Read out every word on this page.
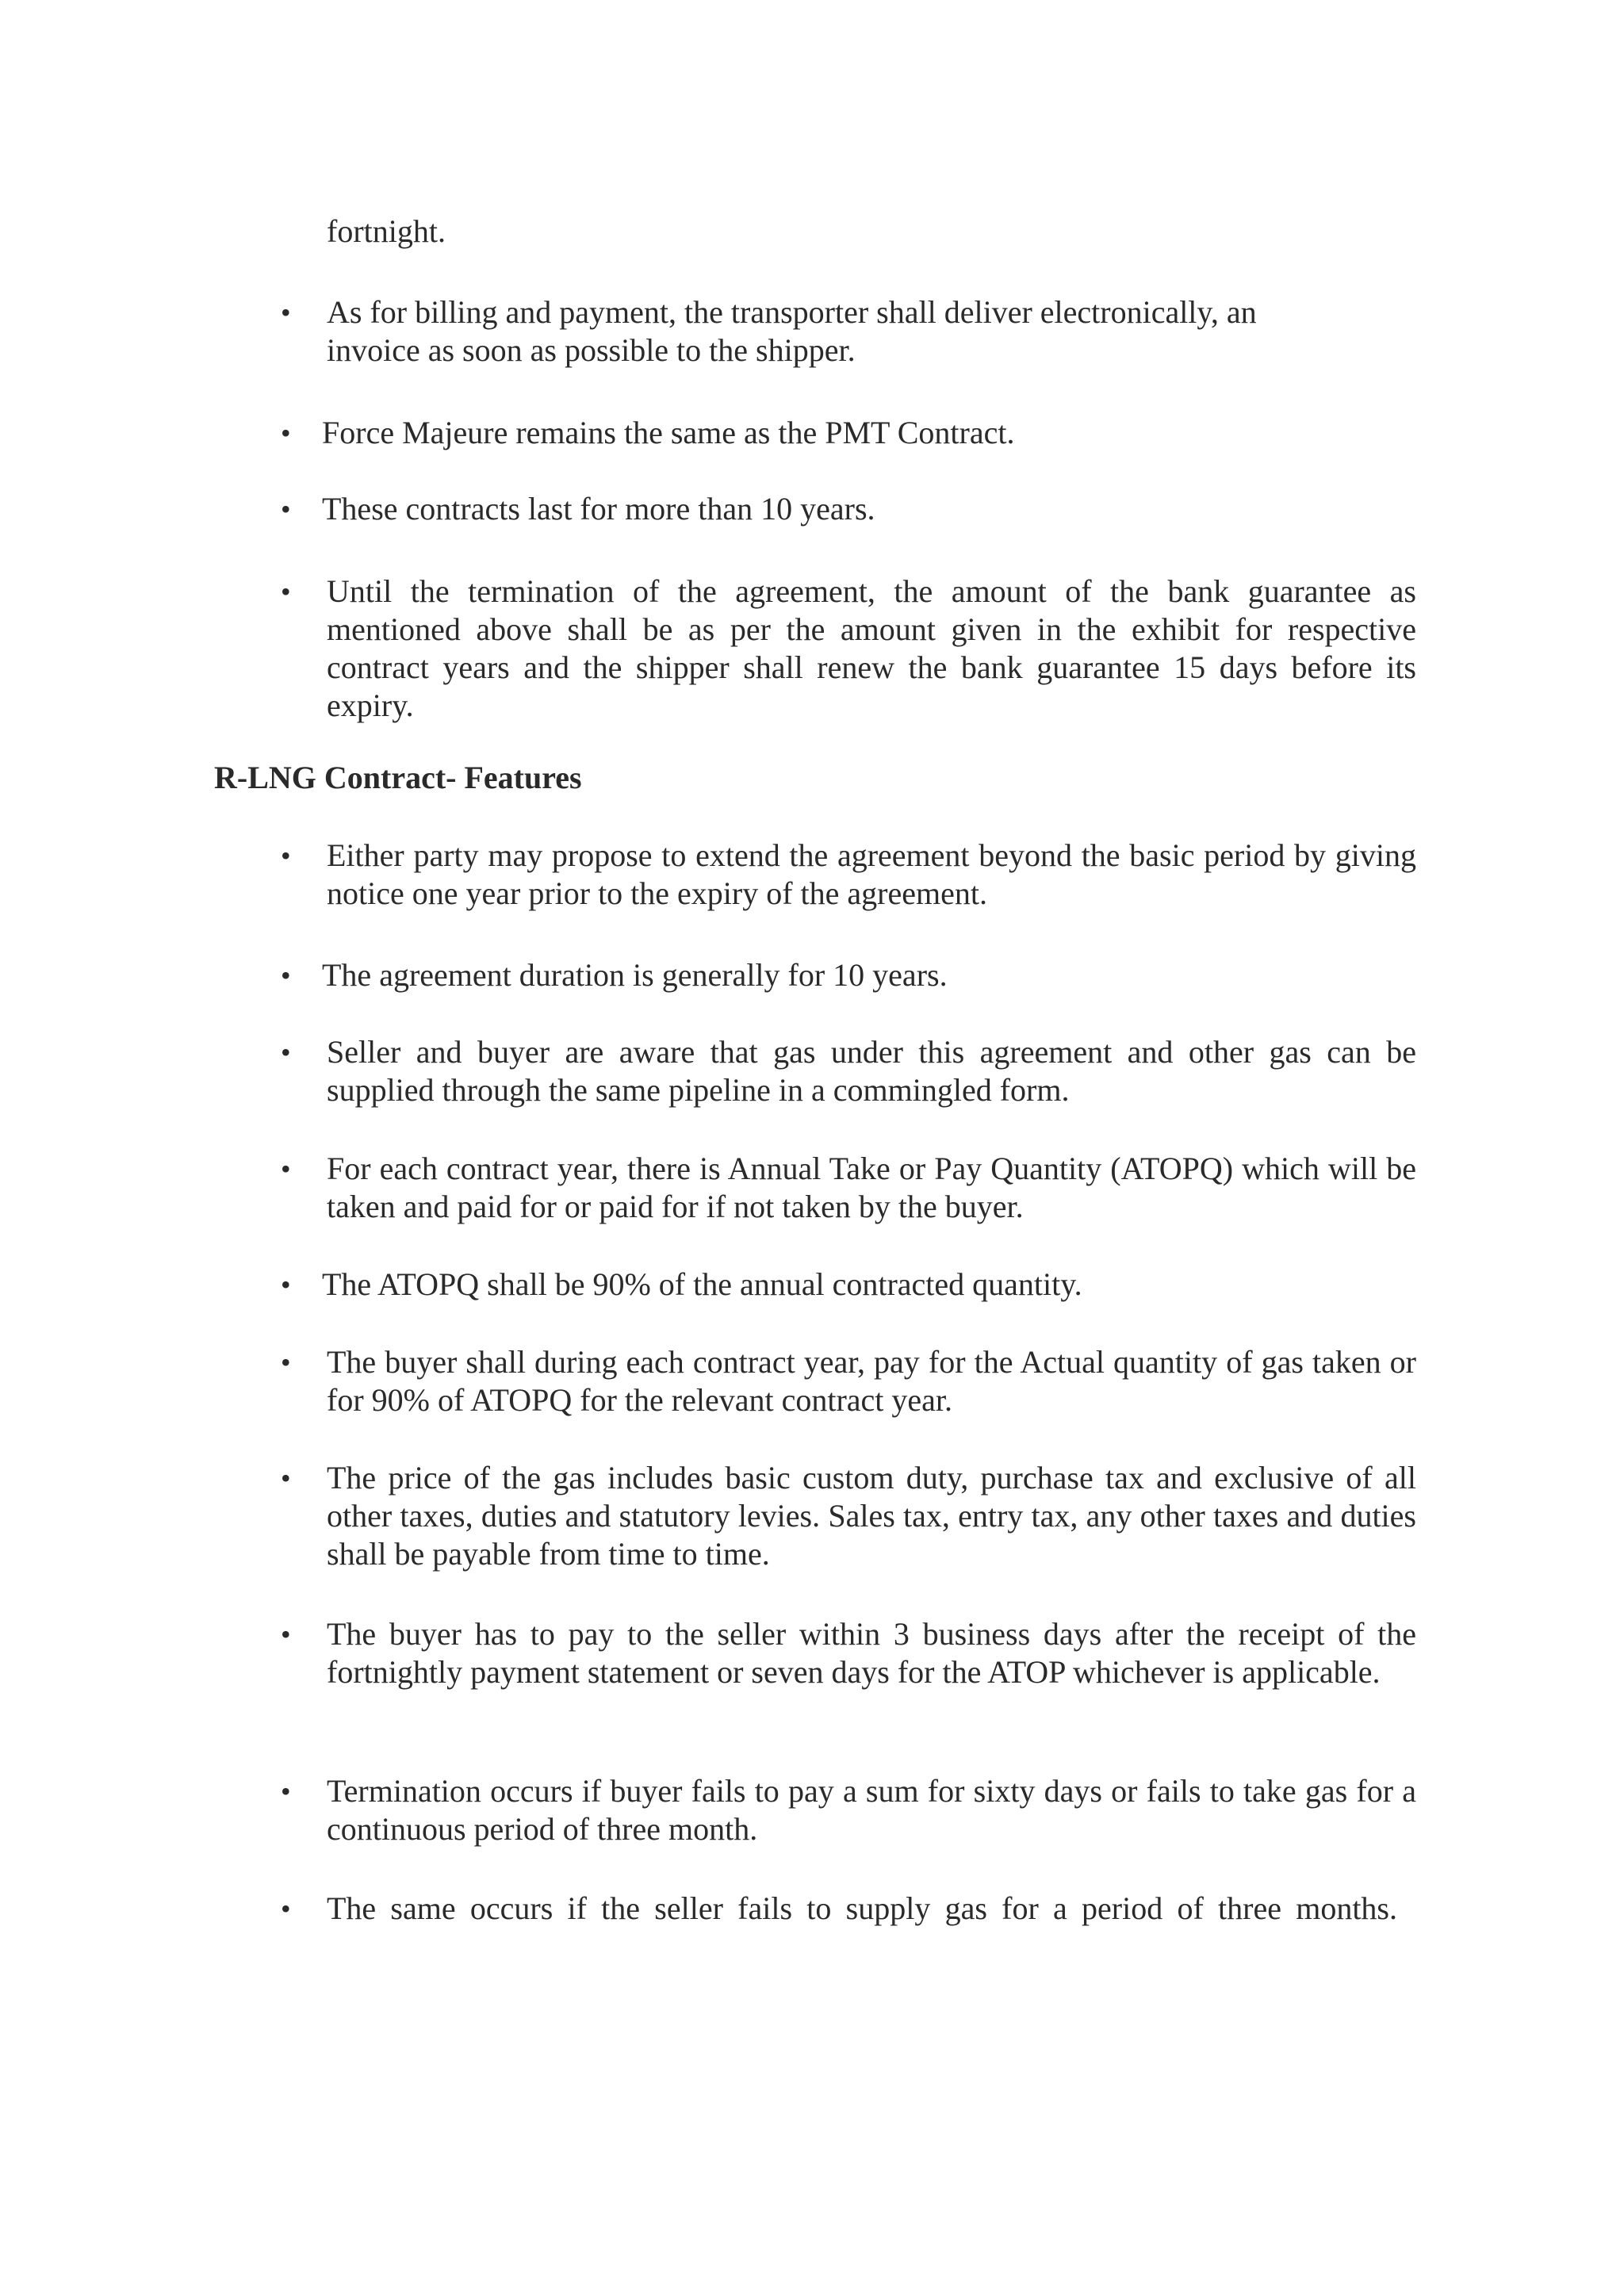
fortnight.

• As for billing and payment, the transporter shall deliver electronically, an invoice as soon as possible to the shipper.

• Force Majeure remains the same as the PMT Contract.

• These contracts last for more than 10 years.

• Until the termination of the agreement, the amount of the bank guarantee as mentioned above shall be as per the amount given in the exhibit for respective contract years and the shipper shall renew the bank guarantee 15 days before its expiry.

R-LNG Contract- Features

• Either party may propose to extend the agreement beyond the basic period by giving notice one year prior to the expiry of the agreement.

• The agreement duration is generally for 10 years.

• Seller and buyer are aware that gas under this agreement and other gas can be supplied through the same pipeline in a commingled form.

• For each contract year, there is Annual Take or Pay Quantity (ATOPQ) which will be taken and paid for or paid for if not taken by the buyer.

• The ATOPQ shall be 90% of the annual contracted quantity.

• The buyer shall during each contract year, pay for the Actual quantity of gas taken or for 90% of ATOPQ for the relevant contract year.

• The price of the gas includes basic custom duty, purchase tax and exclusive of all other taxes, duties and statutory levies. Sales tax, entry tax, any other taxes and duties shall be payable from time to time.

• The buyer has to pay to the seller within 3 business days after the receipt of the fortnightly payment statement or seven days for the ATOP whichever is applicable.

• Termination occurs if buyer fails to pay a sum for sixty days or fails to take gas for a continuous period of three month.

• The same occurs if the seller fails to supply gas for a period of three months.
